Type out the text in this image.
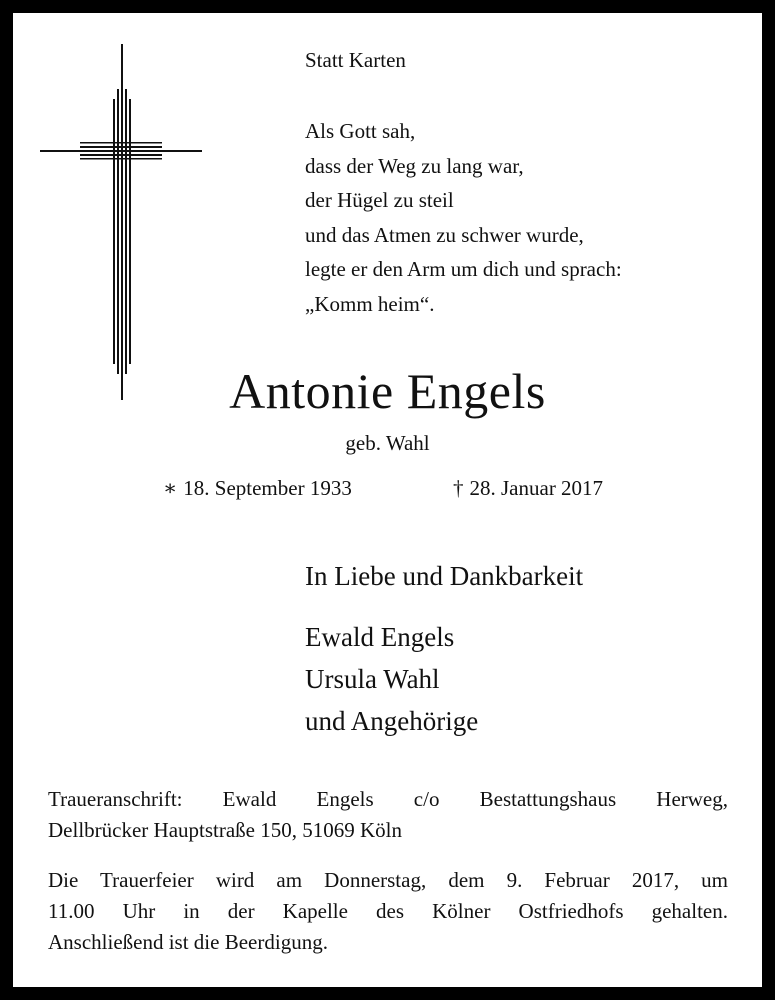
Statt Karten
Als Gott sah,
dass der Weg zu lang war,
der Hügel zu steil
und das Atmen zu schwer wurde,
legte er den Arm um dich und sprach:
„Komm heim“.
Antonie Engels
geb. Wahl
∗ 18. September 1933	† 28. Januar 2017
In Liebe und Dankbarkeit
Ewald Engels
Ursula Wahl
und Angehörige
Traueranschrift: Ewald Engels c/o Bestattungshaus Herweg,
Dellbrücker Hauptstraße 150, 51069 Köln
Die Trauerfeier wird am Donnerstag, dem 9. Februar 2017, um
11.00 Uhr in der Kapelle des Kölner Ostfriedhofs gehalten.
Anschließend ist die Beerdigung.
